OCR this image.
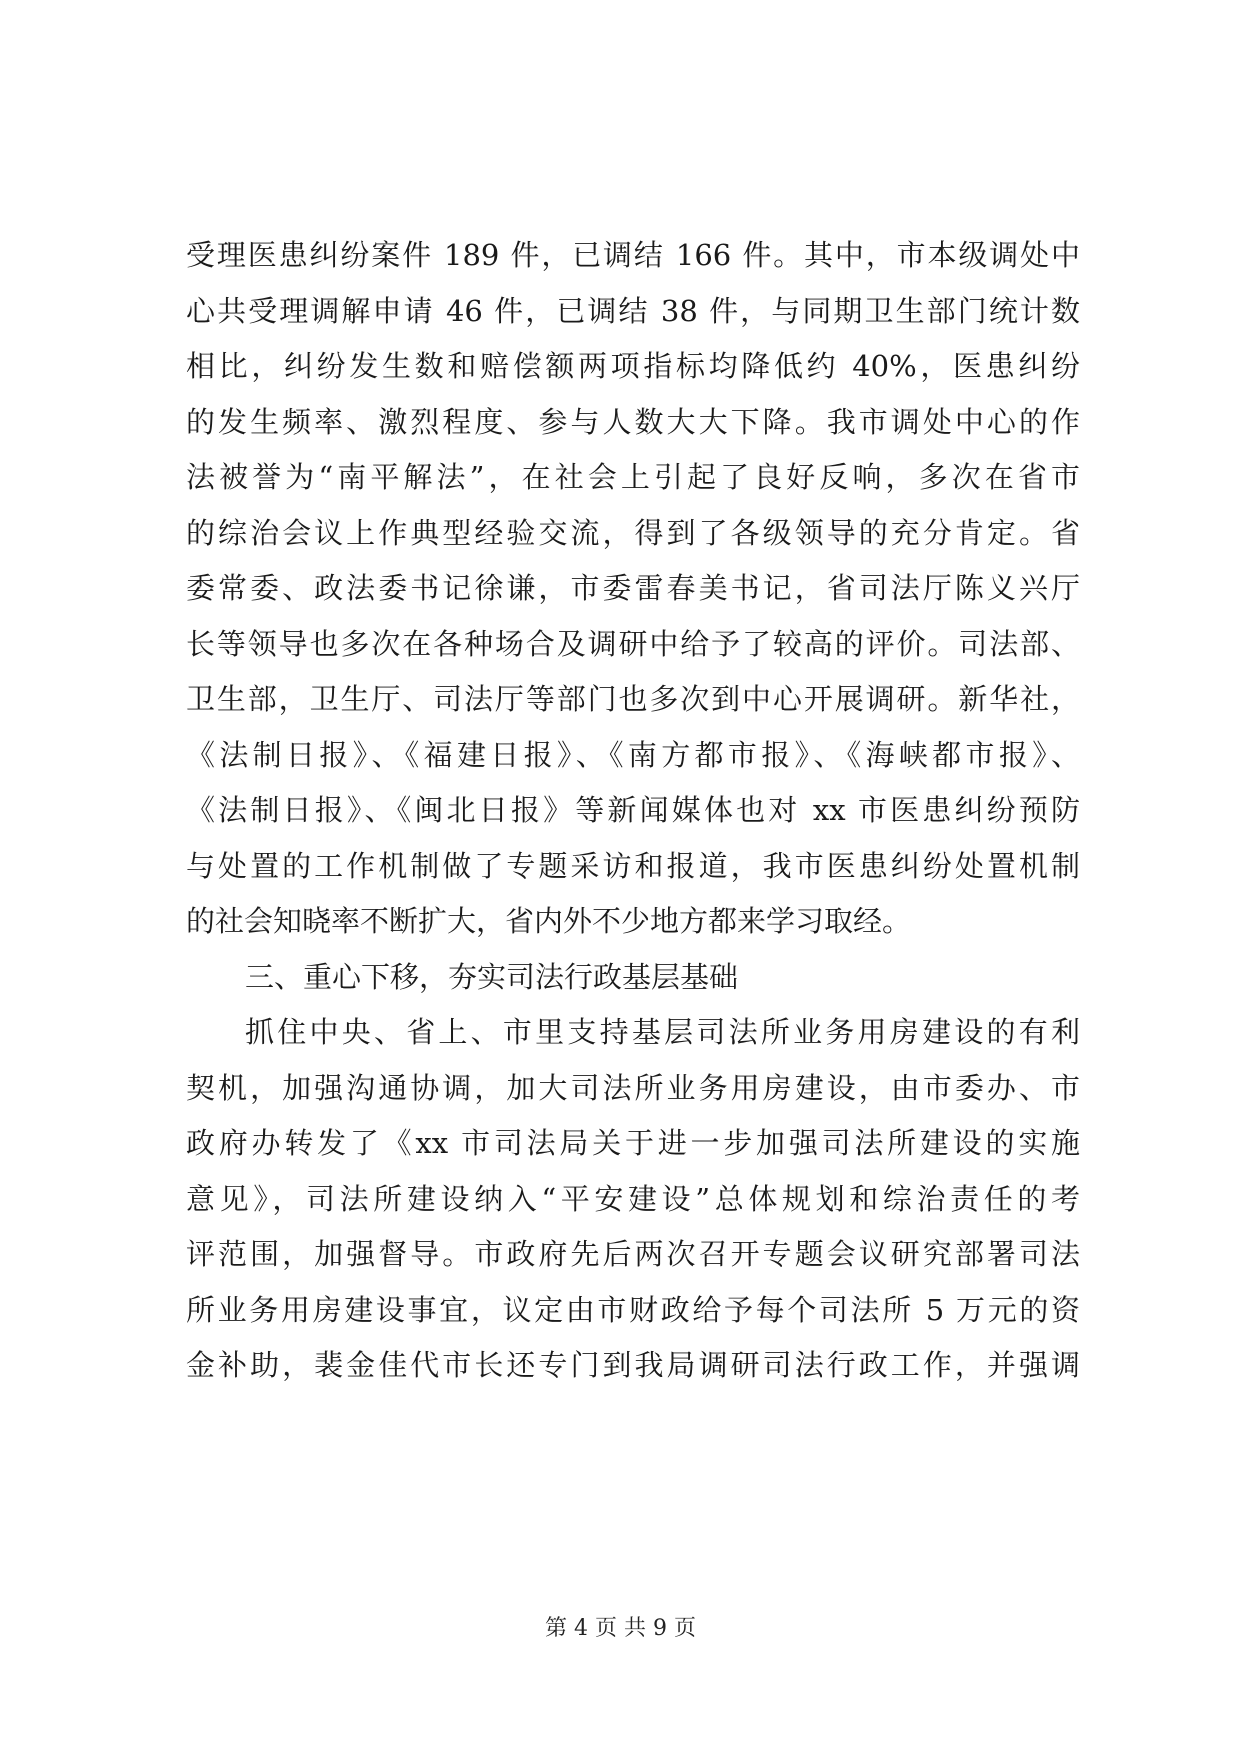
受理医患纠纷案件 189 件，已调结 166 件。其中，市本级调处中
心共受理调解申请 46 件，已调结 38 件，与同期卫生部门统计数
相比，纠纷发生数和赔偿额两项指标均降低约 40%，医患纠纷
的发生频率、激烈程度、参与人数大大下降。我市调处中心的作
法被誉为“南平解法”，在社会上引起了良好反响，多次在省市
的综治会议上作典型经验交流，得到了各级领导的充分肯定。省
委常委、政法委书记徐谦，市委雷春美书记，省司法厅陈义兴厅
长等领导也多次在各种场合及调研中给予了较高的评价。司法部、
卫生部，卫生厅、司法厅等部门也多次到中心开展调研。新华社，
《法制日报》、《福建日报》、《南方都市报》、《海峡都市报》、
《法制日报》、《闽北日报》等新闻媒体也对 xx 市医患纠纷预防
与处置的工作机制做了专题采访和报道，我市医患纠纷处置机制
的社会知晓率不断扩大，省内外不少地方都来学习取经。
三、重心下移，夯实司法行政基层基础
抓住中央、省上、市里支持基层司法所业务用房建设的有利
契机，加强沟通协调，加大司法所业务用房建设，由市委办、市
政府办转发了《xx 市司法局关于进一步加强司法所建设的实施
意见》，司法所建设纳入“平安建设”总体规划和综治责任的考
评范围，加强督导。市政府先后两次召开专题会议研究部署司法
所业务用房建设事宜，议定由市财政给予每个司法所 5 万元的资
金补助，裴金佳代市长还专门到我局调研司法行政工作，并强调
第 4 页 共 9 页
